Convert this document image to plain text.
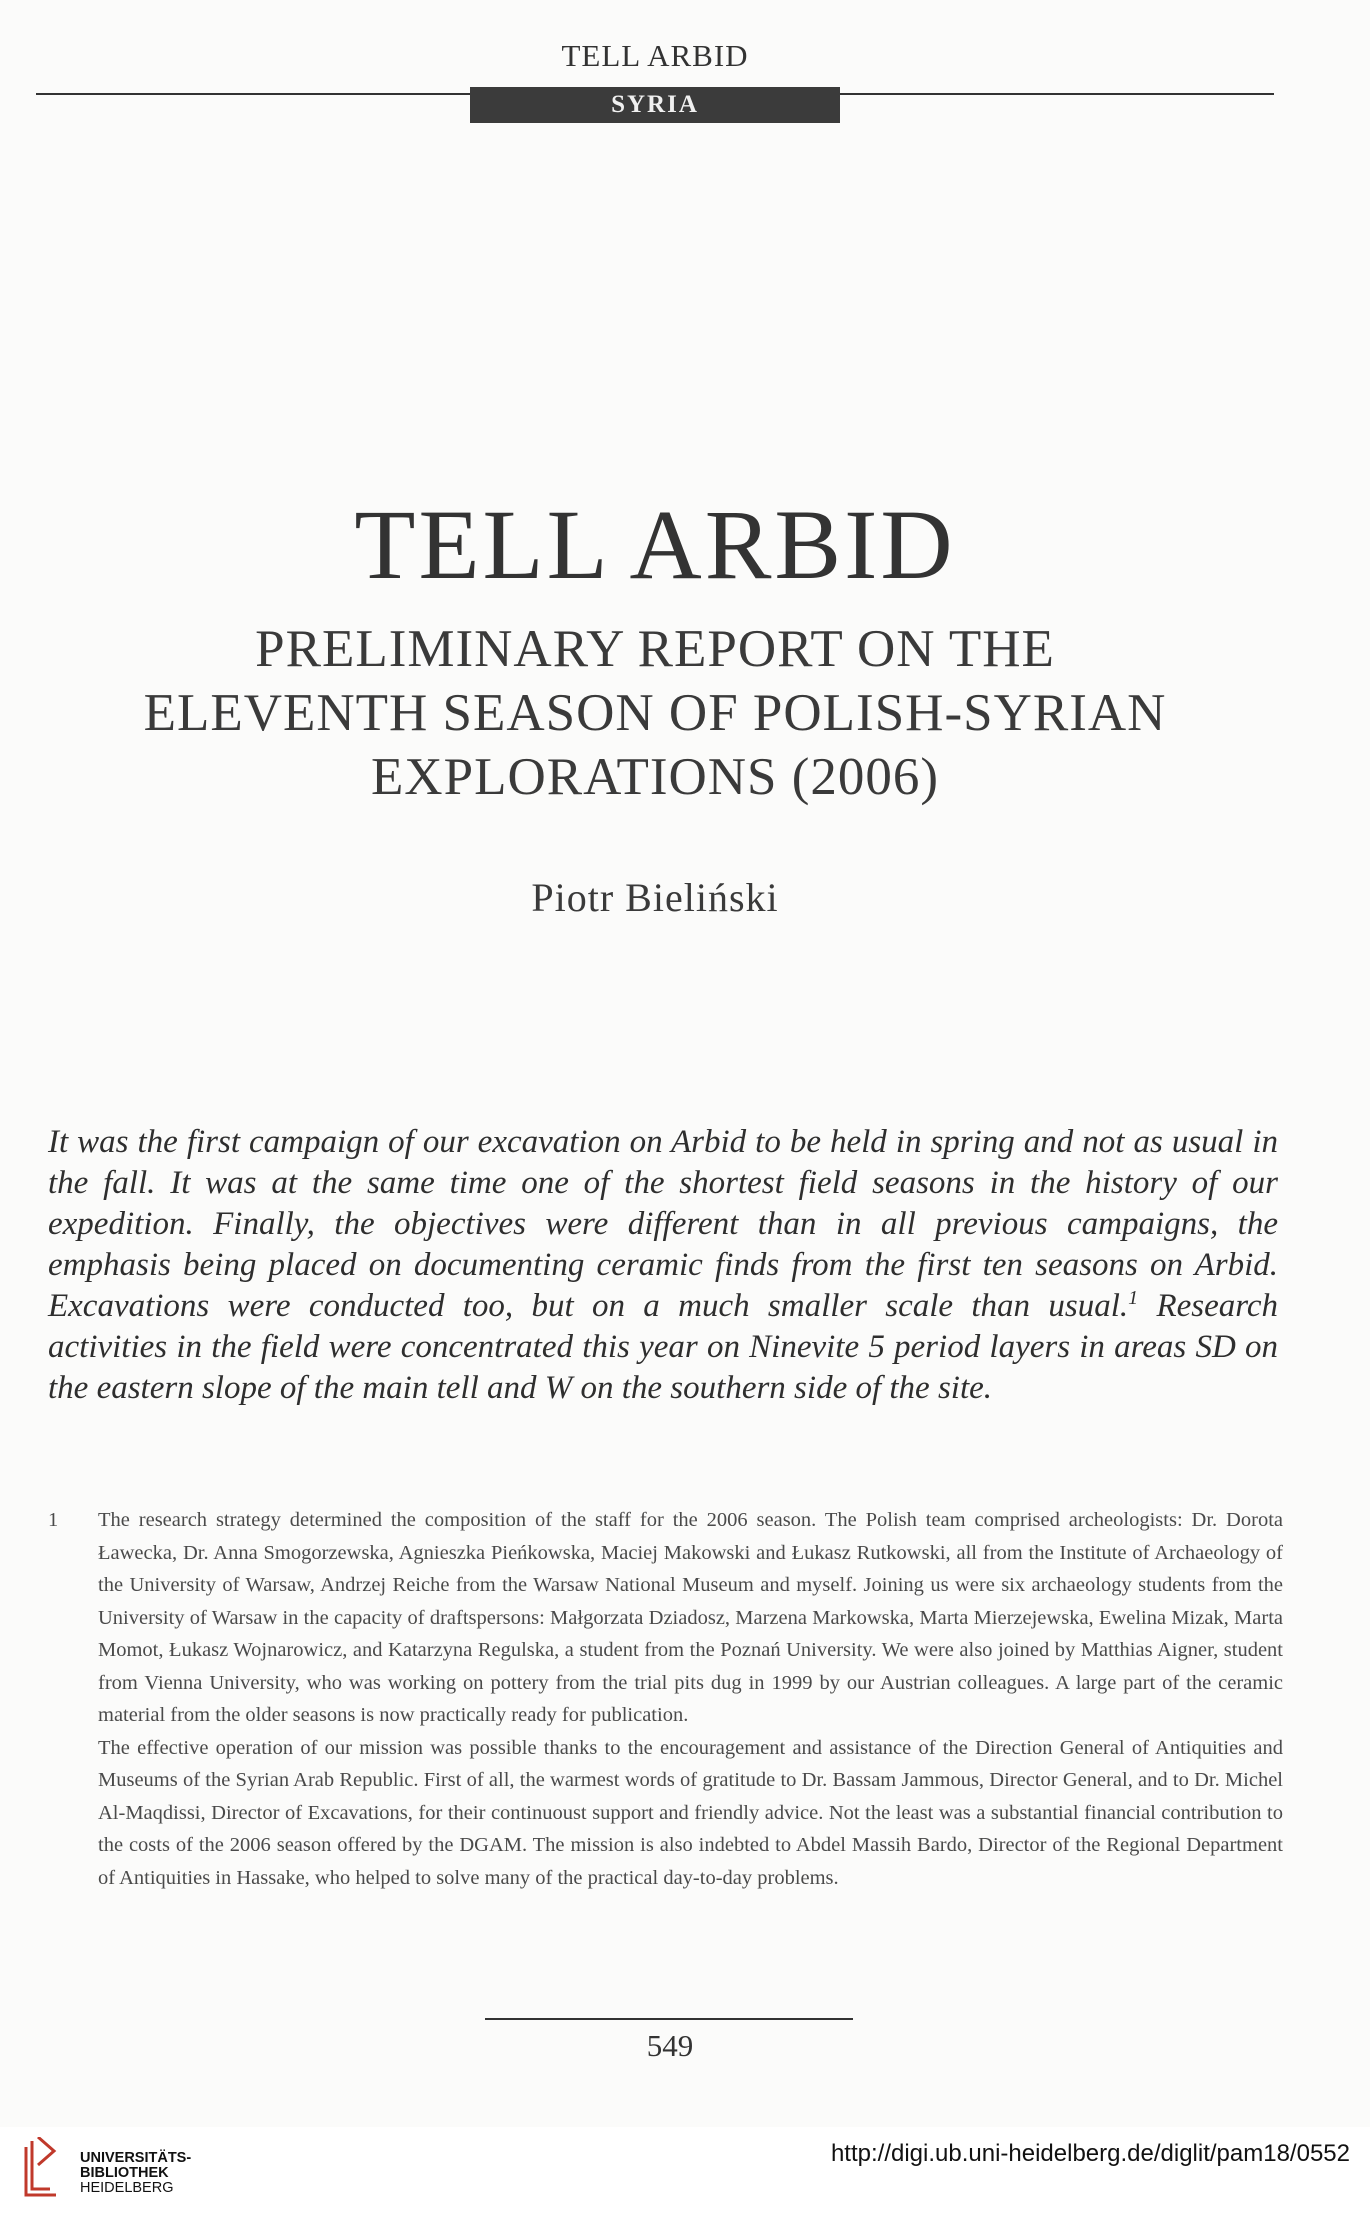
TELL ARBID
SYRIA
TELL ARBID
PRELIMINARY REPORT ON THE
ELEVENTH SEASON OF POLISH-SYRIAN
EXPLORATIONS (2006)
Piotr Bieliński
It was the first campaign of our excavation on Arbid to be held in spring and not as usual in the fall. It was at the same time one of the shortest field seasons in the history of our expedition. Finally, the objectives were different than in all previous campaigns, the emphasis being placed on documenting ceramic finds from the first ten seasons on Arbid. Excavations were conducted too, but on a much smaller scale than usual.$^1$ Research activities in the field were concentrated this year on Ninevite 5 period layers in areas SD on the eastern slope of the main tell and W on the southern side of the site.
1 The research strategy determined the composition of the staff for the 2006 season. The Polish team comprised archeologists: Dr. Dorota Ławecka, Dr. Anna Smogorzewska, Agnieszka Pieńkowska, Maciej Makowski and Łukasz Rutkowski, all from the Institute of Archaeology of the University of Warsaw, Andrzej Reiche from the Warsaw National Museum and myself. Joining us were six archaeology students from the University of Warsaw in the capacity of draftspersons: Małgorzata Dziadosz, Marzena Markowska, Marta Mierzejewska, Ewelina Mizak, Marta Momot, Łukasz Wojnarowicz, and Katarzyna Regulska, a student from the Poznań University. We were also joined by Matthias Aigner, student from Vienna University, who was working on pottery from the trial pits dug in 1999 by our Austrian colleagues. A large part of the ceramic material from the older seasons is now practically ready for publication.

The effective operation of our mission was possible thanks to the encouragement and assistance of the Direction General of Antiquities and Museums of the Syrian Arab Republic. First of all, the warmest words of gratitude to Dr. Bassam Jammous, Director General, and to Dr. Michel Al-Maqdissi, Director of Excavations, for their continuoust support and friendly advice. Not the least was a substantial financial contribution to the costs of the 2006 season offered by the DGAM. The mission is also indebted to Abdel Massih Bardo, Director of the Regional Department of Antiquities in Hassake, who helped to solve many of the practical day-to-day problems.

549
UNIVERSITÄTS-
BIBLIOTHEK
HEIDELBERG
http://digi.ub.uni-heidelberg.de/diglit/pam18/0552
